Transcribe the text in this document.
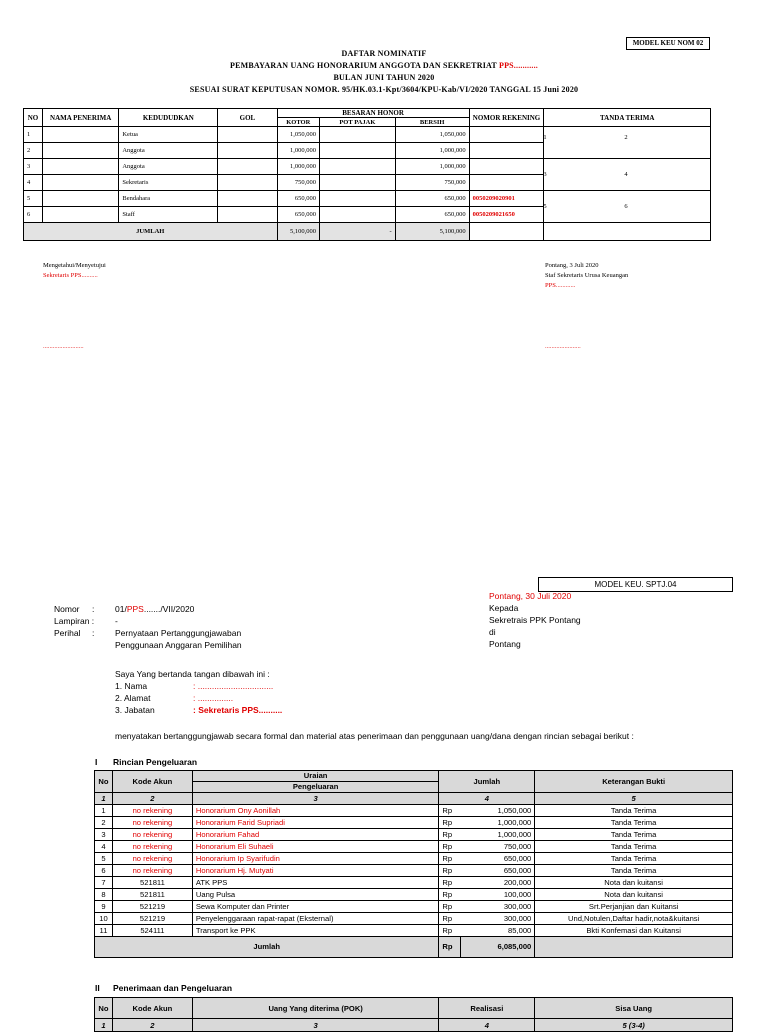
MODEL KEU NOM 02
DAFTAR NOMINATIF
PEMBAYARAN UANG HONORARIUM ANGGOTA DAN SEKRETRIAT PPS...........
BULAN JUNI TAHUN 2020
SESUAI SURAT KEPUTUSAN NOMOR. 95/HK.03.1-Kpt/3604/KPU-Kab/VI/2020 TANGGAL 15 Juni 2020
NO	NAMA PENERIMA	KEDUDUDKAN	GOL	BESARAN HONOR			NOMOR REKENING	TANDA TERIMA
				KOTOR	POT PAJAK	BERSIH		
1		Ketua		1,050,000		1,050,000		1 2

2		Anggota		1,000,000		1,000,000		
3		Anggota		1,000,000		1,000,000		3 4

4		Sekretaris		750,000		750,000		
5		Bendahara		650,000		650,000	0050209020901	5 6

6		Staff		650,000		650,000	0050209021650	
JUMLAH				5,100,000	-	5,100,000		
Mengetahui/Menyetujui
Sekretaris PPS..........
.........................
Pontang, 3 Juli 2020
Staf Sekretaris Urusa Keuangan
PPS............
......................
MODEL KEU. SPTJ.04
Pontang, 30 Juli 2020
Kepada
Sekretrais PPK Pontang
di
Pontang
Nomor : 01/PPS......./VII/2020
Lampiran : -
Perihal : Pernyataan Pertanggungjawaban
Penggunaan Anggaran Pemilihan
Saya Yang bertanda tangan dibawah ini :
1. Nama	: ................................
2. Alamat	: ...............
3. Jabatan	: Sekretaris PPS..........
menyatakan bertanggungjawab secara formal dan material atas penerimaan dan penggunaan uang/dana dengan rincian sebagai berikut :
I Rincian Pengeluaran
No	Kode Akun	Uraian	Jumlah		Keterangan Bukti
		Pengeluaran			
1	2	3	4		5
1	no rekening	Honorarium Ony Aonillah	Rp	1,050,000	Tanda Terima
2	no rekening	Honorarium Farid Supriadi	Rp	1,000,000	Tanda Terima
3	no rekening	Honorarium Fahad	Rp	1,000,000	Tanda Terima
4	no rekening	Honorarium Eli Suhaeli	Rp	750,000	Tanda Terima
5	no rekening	Honorarium Ip Syarifudin	Rp	650,000	Tanda Terima
6	no rekening	Honorarium Hj. Mutyati	Rp	650,000	Tanda Terima
7	521811	ATK PPS	Rp	200,000	Nota dan kuitansi
8	521811	Uang Pulsa	Rp	100,000	Nota dan kuitansi
9	521219	Sewa Komputer dan Printer	Rp	300,000	Srt.Perjanjian dan Kuitansi
10	521219	Penyelenggaraan rapat-rapat (Eksternal)	Rp	300,000	Und,Notulen,Daftar hadir,nota&kuitansi
11	524111	Transport ke PPK	Rp	85,000	Bkti Konfemasi dan Kuitansi
Jumlah			Rp	6,085,000	
II Penerimaan dan Pengeluaran
No	Kode Akun	Uang Yang diterima (POK)	Realisasi	Sisa Uang
1	2	3	4	5 (3-4)
